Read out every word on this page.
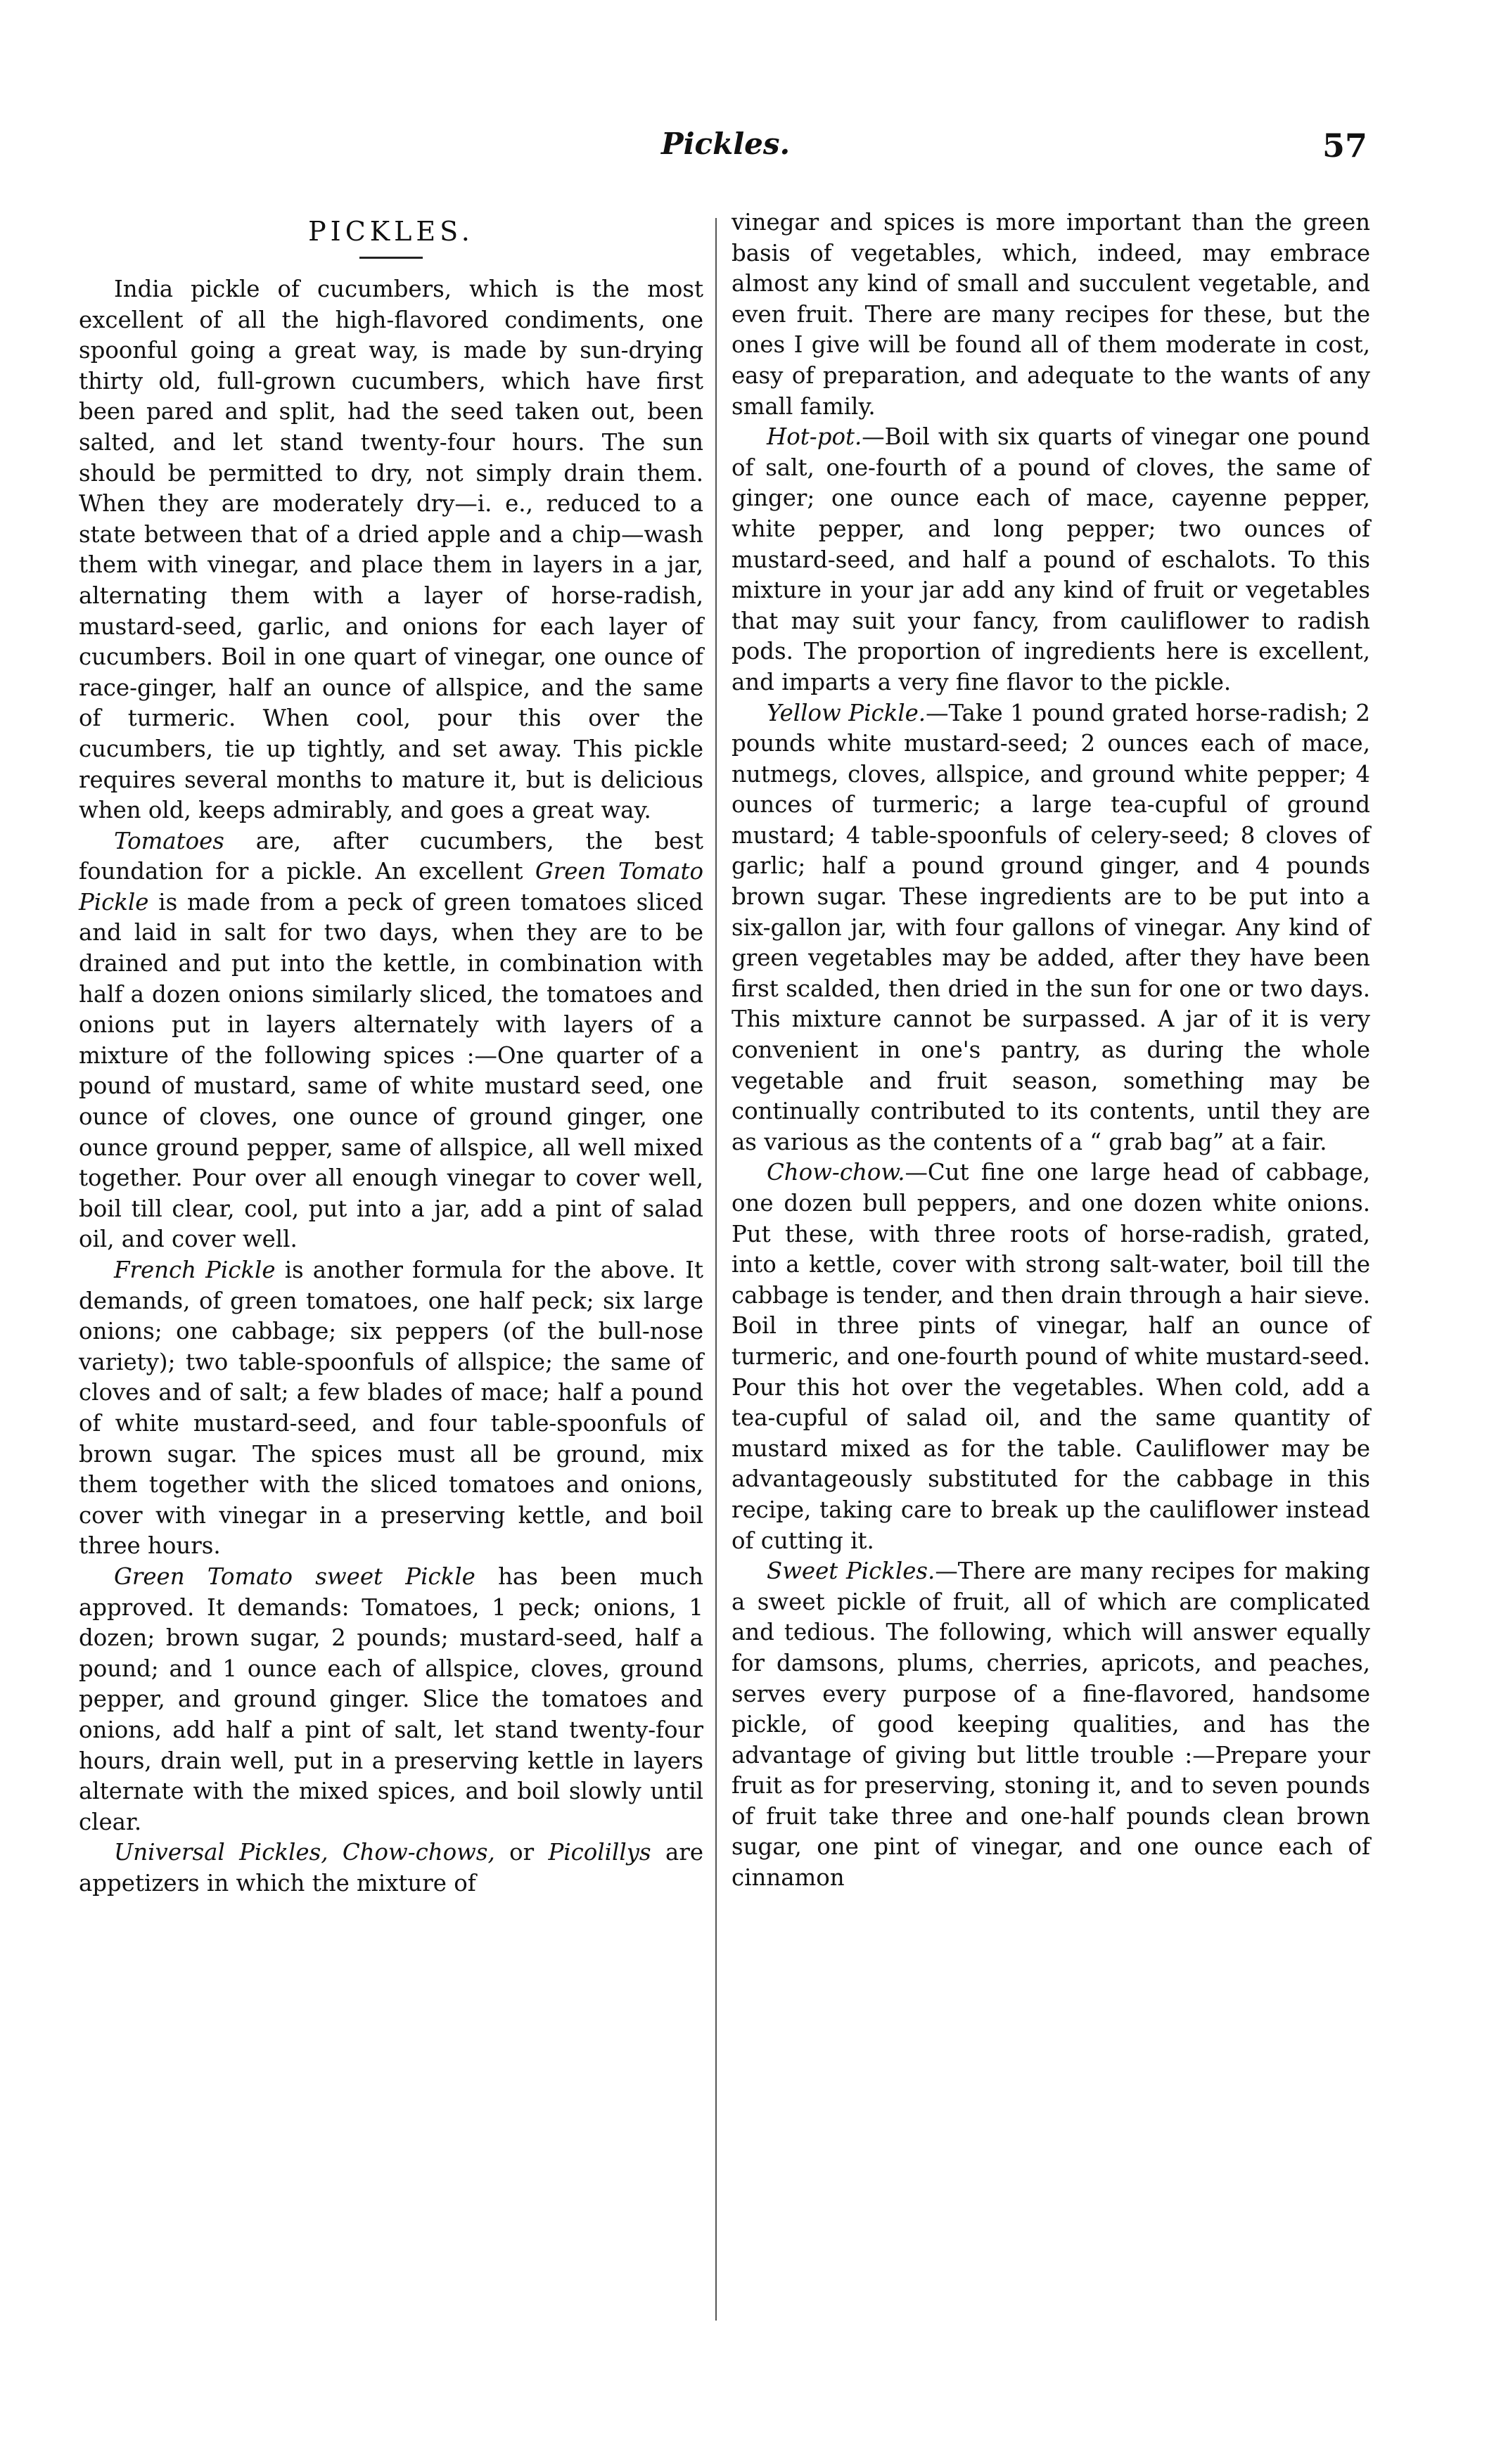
Pickles.	57
PICKLES.

India pickle of cucumbers, which is the most excellent of all the high-flavored condiments, one spoonful going a great way, is made by sun-drying thirty old, full-grown cucumbers, which have first been pared and split, had the seed taken out, been salted, and let stand twenty-four hours. The sun should be permitted to dry, not simply drain them. When they are moderately dry—i. e., reduced to a state between that of a dried apple and a chip—wash them with vinegar, and place them in layers in a jar, alternating them with a layer of horse-radish, mustard-seed, garlic, and onions for each layer of cucumbers. Boil in one quart of vinegar, one ounce of race-ginger, half an ounce of allspice, and the same of turmeric. When cool, pour this over the cucumbers, tie up tightly, and set away. This pickle requires several months to mature it, but is delicious when old, keeps admirably, and goes a great way.

Tomatoes are, after cucumbers, the best foundation for a pickle. An excellent Green Tomato Pickle is made from a peck of green tomatoes sliced and laid in salt for two days, when they are to be drained and put into the kettle, in combination with half a dozen onions similarly sliced, the tomatoes and onions put in layers alternately with layers of a mixture of the following spices :—One quarter of a pound of mustard, same of white mustard seed, one ounce of cloves, one ounce of ground ginger, one ounce ground pepper, same of allspice, all well mixed together. Pour over all enough vinegar to cover well, boil till clear, cool, put into a jar, add a pint of salad oil, and cover well.

French Pickle is another formula for the above. It demands, of green tomatoes, one half peck; six large onions; one cabbage; six peppers (of the bull-nose variety); two table-spoonfuls of allspice; the same of cloves and of salt; a few blades of mace; half a pound of white mustard-seed, and four table-spoonfuls of brown sugar. The spices must all be ground, mix them together with the sliced tomatoes and onions, cover with vinegar in a preserving kettle, and boil three hours.

Green Tomato sweet Pickle has been much approved. It demands: Tomatoes, 1 peck; onions, 1 dozen; brown sugar, 2 pounds; mustard-seed, half a pound; and 1 ounce each of allspice, cloves, ground pepper, and ground ginger. Slice the tomatoes and onions, add half a pint of salt, let stand twenty-four hours, drain well, put in a preserving kettle in layers alternate with the mixed spices, and boil slowly until clear.

Universal Pickles, Chow-chows, or Picolillys are appetizers in which the mixture of

vinegar and spices is more important than the green basis of vegetables, which, indeed, may embrace almost any kind of small and succulent vegetable, and even fruit. There are many recipes for these, but the ones I give will be found all of them moderate in cost, easy of preparation, and adequate to the wants of any small family.

Hot-pot.—Boil with six quarts of vinegar one pound of salt, one-fourth of a pound of cloves, the same of ginger; one ounce each of mace, cayenne pepper, white pepper, and long pepper; two ounces of mustard-seed, and half a pound of eschalots. To this mixture in your jar add any kind of fruit or vegetables that may suit your fancy, from cauliflower to radish pods. The proportion of ingredients here is excellent, and imparts a very fine flavor to the pickle.

Yellow Pickle.—Take 1 pound grated horse-radish; 2 pounds white mustard-seed; 2 ounces each of mace, nutmegs, cloves, allspice, and ground white pepper; 4 ounces of turmeric; a large tea-cupful of ground mustard; 4 table-spoonfuls of celery-seed; 8 cloves of garlic; half a pound ground ginger, and 4 pounds brown sugar. These ingredients are to be put into a six-gallon jar, with four gallons of vinegar. Any kind of green vegetables may be added, after they have been first scalded, then dried in the sun for one or two days. This mixture cannot be surpassed. A jar of it is very convenient in one's pantry, as during the whole vegetable and fruit season, something may be continually contributed to its contents, until they are as various as the contents of a “ grab bag” at a fair.

Chow-chow.—Cut fine one large head of cabbage, one dozen bull peppers, and one dozen white onions. Put these, with three roots of horse-radish, grated, into a kettle, cover with strong salt-water, boil till the cabbage is tender, and then drain through a hair sieve. Boil in three pints of vinegar, half an ounce of turmeric, and one-fourth pound of white mustard-seed. Pour this hot over the vegetables. When cold, add a tea-cupful of salad oil, and the same quantity of mustard mixed as for the table. Cauliflower may be advantageously substituted for the cabbage in this recipe, taking care to break up the cauliflower instead of cutting it.

Sweet Pickles.—There are many recipes for making a sweet pickle of fruit, all of which are complicated and tedious. The following, which will answer equally for damsons, plums, cherries, apricots, and peaches, serves every purpose of a fine-flavored, handsome pickle, of good keeping qualities, and has the advantage of giving but little trouble :—Prepare your fruit as for preserving, stoning it, and to seven pounds of fruit take three and one-half pounds clean brown sugar, one pint of vinegar, and one ounce each of cinnamon
